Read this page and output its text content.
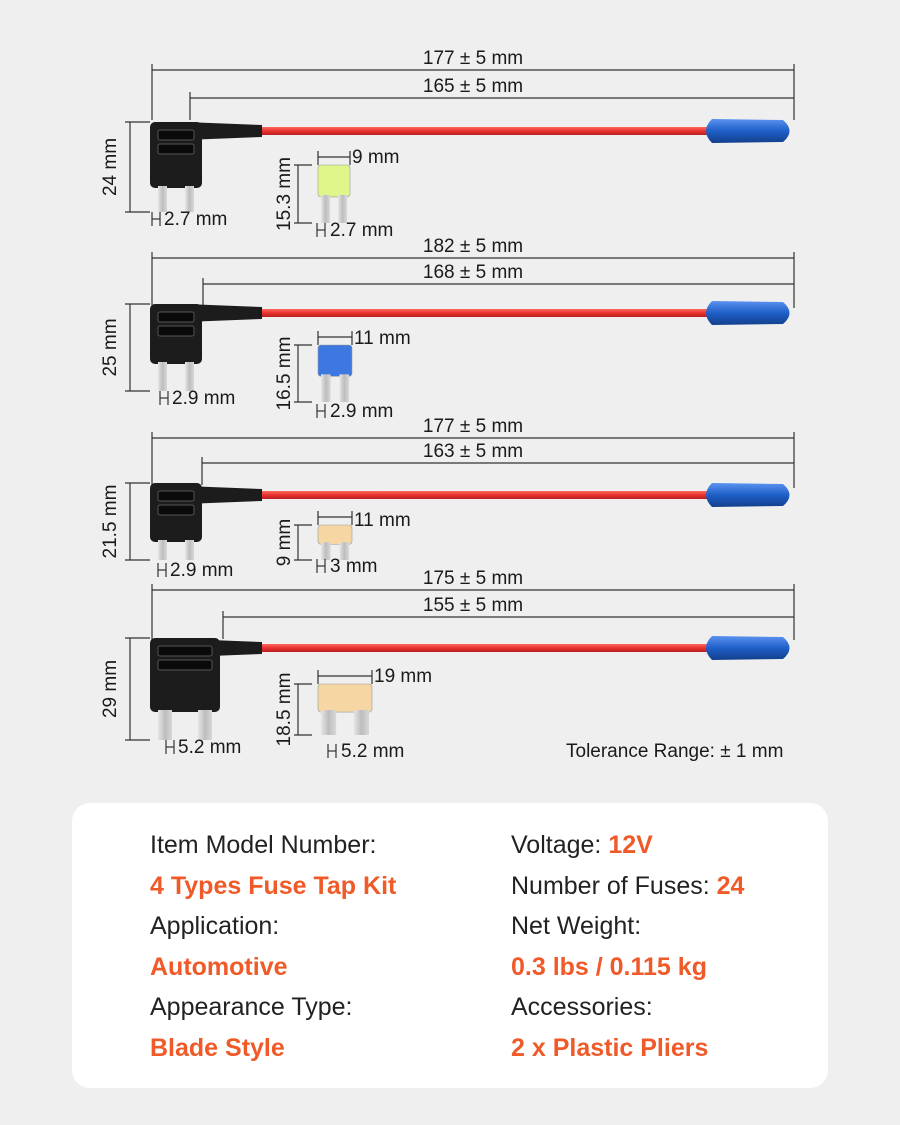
177 ± 5 mm
165 ± 5 mm
24 mm
2.7 mm
9 mm
15.3 mm 2.7 mm
182 ± 5 mm
168 ± 5 mm
25 mm
2.9 mm
11 mm
16.5 mm
2.9 mm
177 ± 5 mm
163 ± 5 mm
21.5 mm
2.9 mm
11 mm
9 mm
3 mm
175 ± 5 mm
155 ± 5 mm
29 mm
5.2 mm
19 mm
18.5 mm
5.2 mm	Tolerance Range: ± 1 mm
Item Model Number:
4 Types Fuse Tap Kit
Application:
Automotive
Appearance Type:
Blade Style
Voltage: 12V
Number of Fuses: 24
Net Weight:
0.3 lbs / 0.115 kg
Accessories:
2 x Plastic Pliers
